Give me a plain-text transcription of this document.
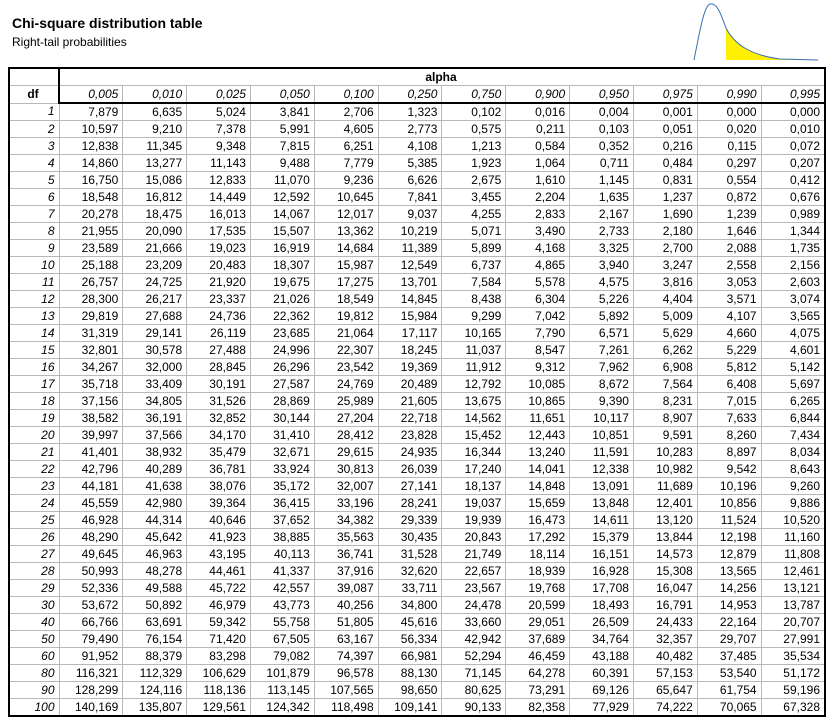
Chi-square distribution table
Right-tail probabilities
	alpha											
df	0,005	0,010	0,025	0,050	0,100	0,250	0,750	0,900	0,950	0,975	0,990	0,995
1	7,879	6,635	5,024	3,841	2,706	1,323	0,102	0,016	0,004	0,001	0,000	0,000
2	10,597	9,210	7,378	5,991	4,605	2,773	0,575	0,211	0,103	0,051	0,020	0,010
3	12,838	11,345	9,348	7,815	6,251	4,108	1,213	0,584	0,352	0,216	0,115	0,072
4	14,860	13,277	11,143	9,488	7,779	5,385	1,923	1,064	0,711	0,484	0,297	0,207
5	16,750	15,086	12,833	11,070	9,236	6,626	2,675	1,610	1,145	0,831	0,554	0,412
6	18,548	16,812	14,449	12,592	10,645	7,841	3,455	2,204	1,635	1,237	0,872	0,676
7	20,278	18,475	16,013	14,067	12,017	9,037	4,255	2,833	2,167	1,690	1,239	0,989
8	21,955	20,090	17,535	15,507	13,362	10,219	5,071	3,490	2,733	2,180	1,646	1,344
9	23,589	21,666	19,023	16,919	14,684	11,389	5,899	4,168	3,325	2,700	2,088	1,735
10	25,188	23,209	20,483	18,307	15,987	12,549	6,737	4,865	3,940	3,247	2,558	2,156
11	26,757	24,725	21,920	19,675	17,275	13,701	7,584	5,578	4,575	3,816	3,053	2,603
12	28,300	26,217	23,337	21,026	18,549	14,845	8,438	6,304	5,226	4,404	3,571	3,074
13	29,819	27,688	24,736	22,362	19,812	15,984	9,299	7,042	5,892	5,009	4,107	3,565
14	31,319	29,141	26,119	23,685	21,064	17,117	10,165	7,790	6,571	5,629	4,660	4,075
15	32,801	30,578	27,488	24,996	22,307	18,245	11,037	8,547	7,261	6,262	5,229	4,601
16	34,267	32,000	28,845	26,296	23,542	19,369	11,912	9,312	7,962	6,908	5,812	5,142
17	35,718	33,409	30,191	27,587	24,769	20,489	12,792	10,085	8,672	7,564	6,408	5,697
18	37,156	34,805	31,526	28,869	25,989	21,605	13,675	10,865	9,390	8,231	7,015	6,265
19	38,582	36,191	32,852	30,144	27,204	22,718	14,562	11,651	10,117	8,907	7,633	6,844
20	39,997	37,566	34,170	31,410	28,412	23,828	15,452	12,443	10,851	9,591	8,260	7,434
21	41,401	38,932	35,479	32,671	29,615	24,935	16,344	13,240	11,591	10,283	8,897	8,034
22	42,796	40,289	36,781	33,924	30,813	26,039	17,240	14,041	12,338	10,982	9,542	8,643
23	44,181	41,638	38,076	35,172	32,007	27,141	18,137	14,848	13,091	11,689	10,196	9,260
24	45,559	42,980	39,364	36,415	33,196	28,241	19,037	15,659	13,848	12,401	10,856	9,886
25	46,928	44,314	40,646	37,652	34,382	29,339	19,939	16,473	14,611	13,120	11,524	10,520
26	48,290	45,642	41,923	38,885	35,563	30,435	20,843	17,292	15,379	13,844	12,198	11,160
27	49,645	46,963	43,195	40,113	36,741	31,528	21,749	18,114	16,151	14,573	12,879	11,808
28	50,993	48,278	44,461	41,337	37,916	32,620	22,657	18,939	16,928	15,308	13,565	12,461
29	52,336	49,588	45,722	42,557	39,087	33,711	23,567	19,768	17,708	16,047	14,256	13,121
30	53,672	50,892	46,979	43,773	40,256	34,800	24,478	20,599	18,493	16,791	14,953	13,787
40	66,766	63,691	59,342	55,758	51,805	45,616	33,660	29,051	26,509	24,433	22,164	20,707
50	79,490	76,154	71,420	67,505	63,167	56,334	42,942	37,689	34,764	32,357	29,707	27,991
60	91,952	88,379	83,298	79,082	74,397	66,981	52,294	46,459	43,188	40,482	37,485	35,534
80	116,321	112,329	106,629	101,879	96,578	88,130	71,145	64,278	60,391	57,153	53,540	51,172
90	128,299	124,116	118,136	113,145	107,565	98,650	80,625	73,291	69,126	65,647	61,754	59,196
100	140,169	135,807	129,561	124,342	118,498	109,141	90,133	82,358	77,929	74,222	70,065	67,328
